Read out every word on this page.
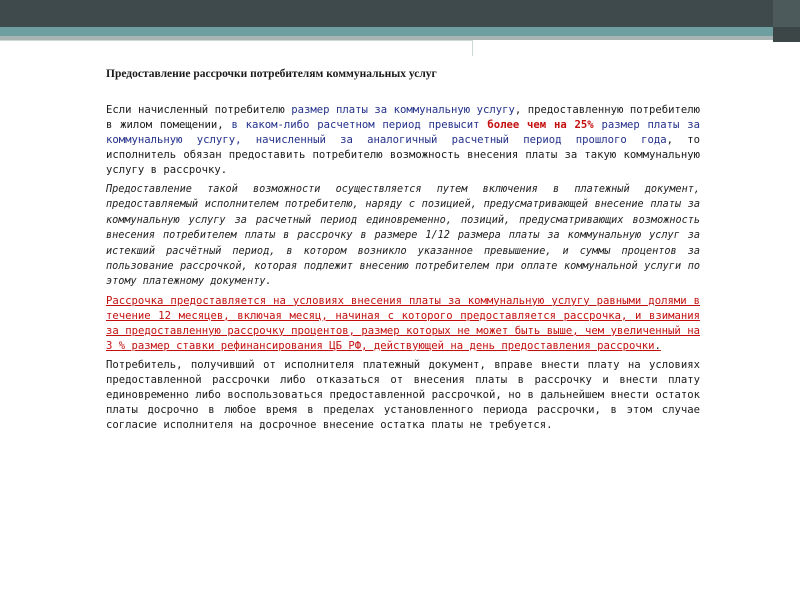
Предоставление рассрочки потребителям коммунальных услуг

Если начисленный потребителю размер платы за коммунальную услугу, предоставленную потребителю в жилом помещении, в каком-либо расчетном период превысит более чем на 25% размер платы за коммунальную услугу, начисленный за аналогичный расчетный период прошлого года, то исполнитель обязан предоставить потребителю возможность внесения платы за такую коммунальную услугу в рассрочку.

Предоставление такой возможности осуществляется путем включения в платежный документ, предоставляемый исполнителем потребителю, наряду с позицией, предусматривающей внесение платы за коммунальную услугу за расчетный период единовременно, позиций, предусматривающих возможность внесения потребителем платы в рассрочку в размере 1/12 размера платы за коммунальную услуг за истекший расчётный период, в котором возникло указанное превышение, и суммы процентов за пользование рассрочкой, которая подлежит внесению потребителем при оплате коммунальной услуги по этому платежному документу.

Рассрочка предоставляется на условиях внесения платы за коммунальную услугу равными долями в течение 12 месяцев, включая месяц, начиная с которого предоставляется рассрочка, и взимания за предоставленную рассрочку процентов, размер которых не может быть выше, чем увеличенный на 3 % размер ставки рефинансирования ЦБ РФ, действующей на день предоставления рассрочки.

Потребитель, получивший от исполнителя платежный документ, вправе внести плату на условиях предоставленной рассрочки либо отказаться от внесения платы в рассрочку и внести плату единовременно либо воспользоваться предоставленной рассрочкой, но в дальнейшем внести остаток платы досрочно в любое время в пределах установленного периода рассрочки, в этом случае согласие исполнителя на досрочное внесение остатка платы не требуется.
